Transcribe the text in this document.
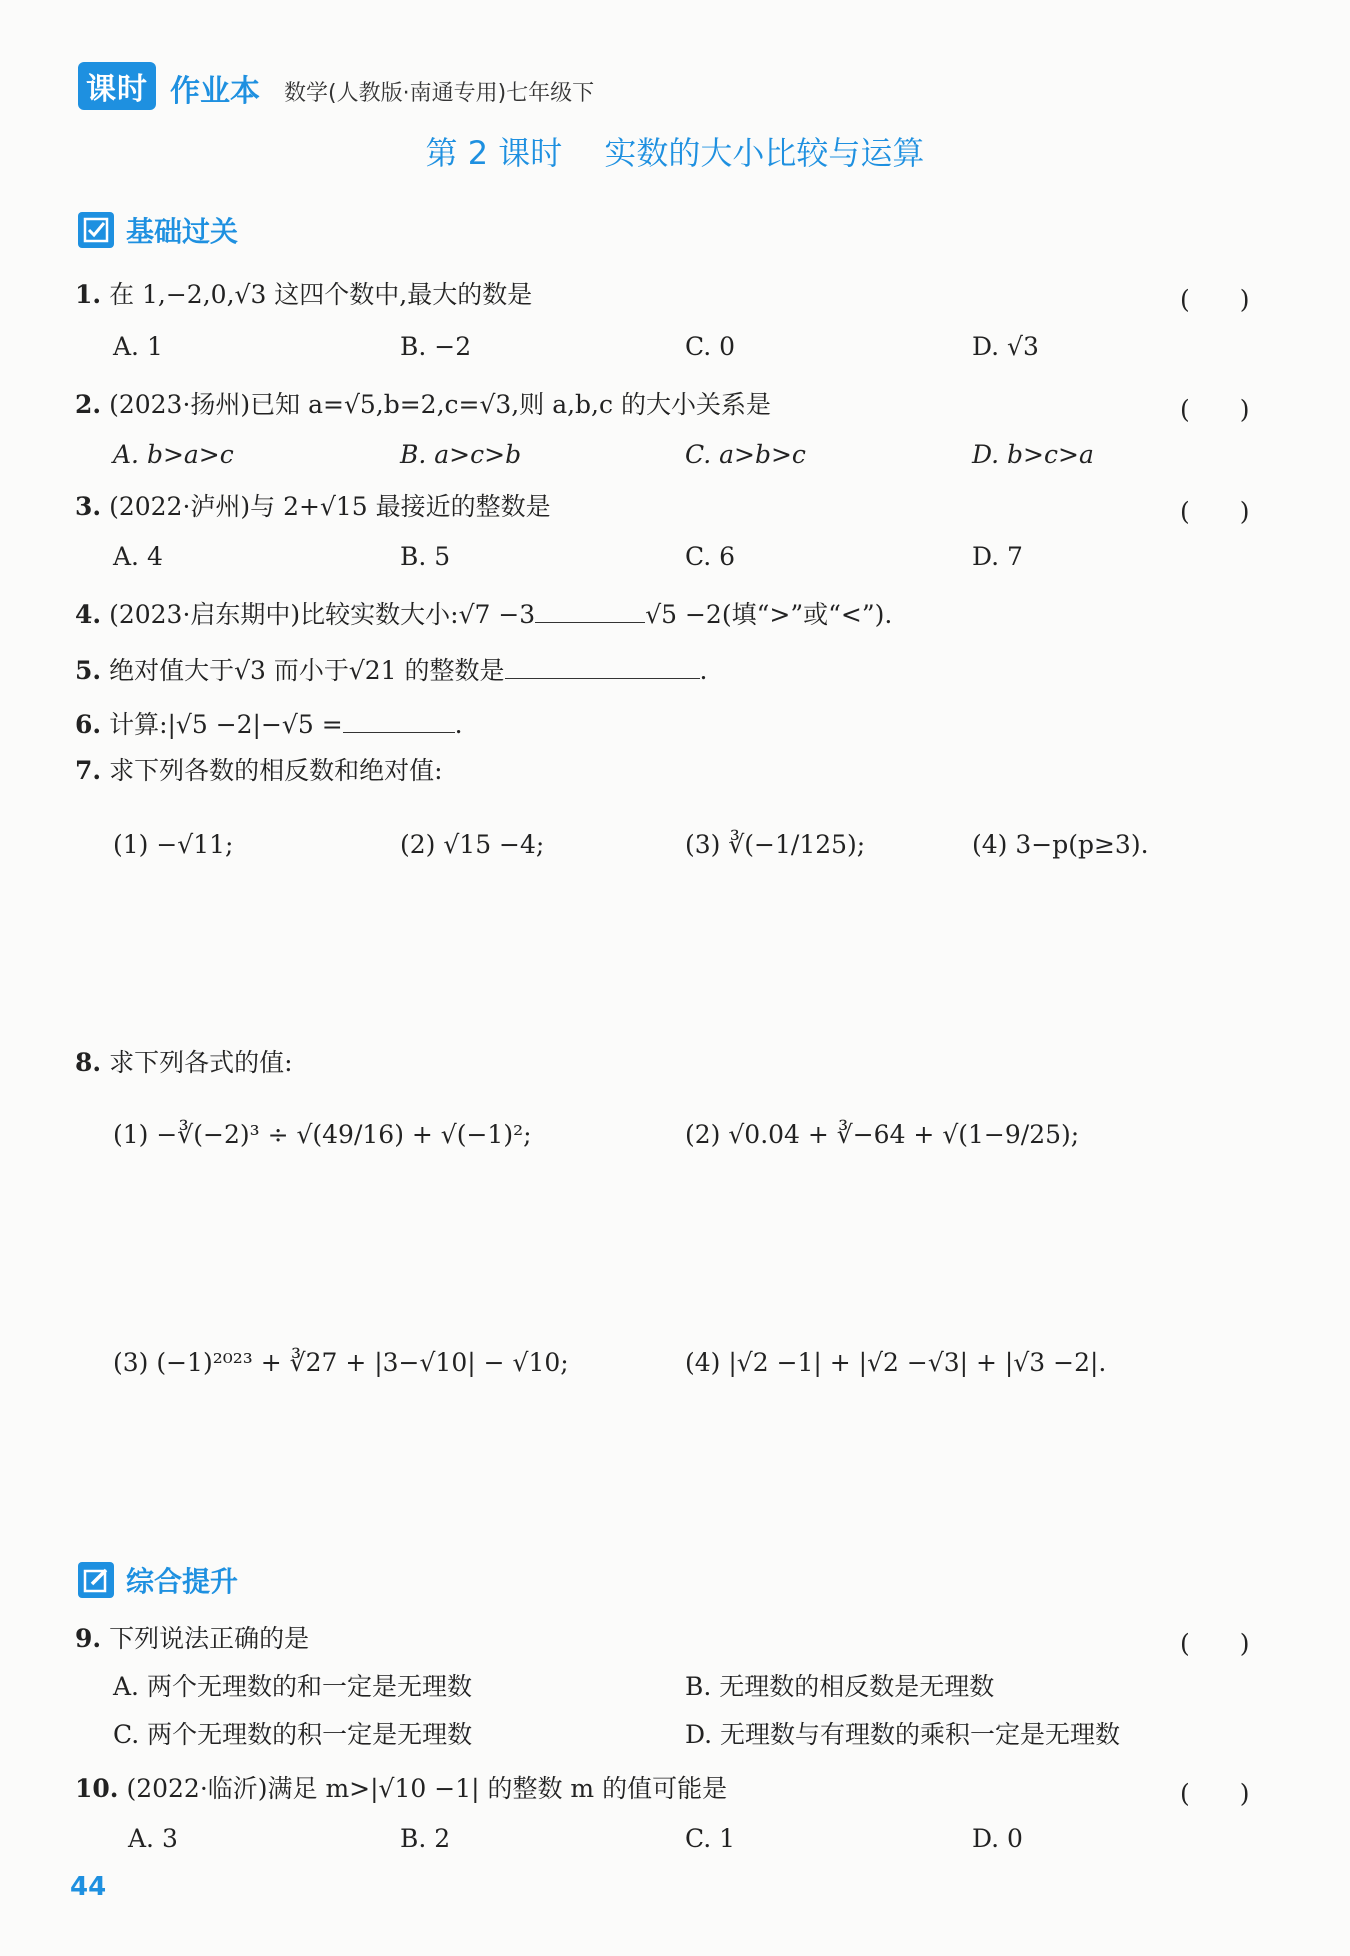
课时 作业本 数学(人教版·南通专用)七年级下
第 2 课时　 实数的大小比较与运算
基础过关
1. 在 1,−2,0,√3 这四个数中,最大的数是	(　　)
A. 1	B. −2	C. 0	D. √3
2. (2023·扬州)已知 a=√5,b=2,c=√3,则 a,b,c 的大小关系是	(　　)
A. b>a>c	B. a>c>b	C. a>b>c	D. b>c>a
3. (2022·泸州)与 2+√15 最接近的整数是	(　　)
A. 4	B. 5	C. 6	D. 7
4. (2023·启东期中)比较实数大小:√7 −3	√5 −2(填“>”或“<”).
5. 绝对值大于√3 而小于√21 的整数是	.
6. 计算:|√5 −2|−√5 =	.
7. 求下列各数的相反数和绝对值:
(1) −√11;	(2) √15 −4;	(3) ∛(−1/125);	(4) 3−p(p≥3).
8. 求下列各式的值:
(1) −∛(−2)³ ÷ √(49/16) + √(−1)²;	(2) √0.04 + ∛−64 + √(1−9/25);
(3) (−1)²⁰²³ + ∛27 + |3−√10| − √10;	(4) |√2 −1| + |√2 −√3| + |√3 −2|.
综合提升
9. 下列说法正确的是	(　　)
A. 两个无理数的和一定是无理数	B. 无理数的相反数是无理数
C. 两个无理数的积一定是无理数	D. 无理数与有理数的乘积一定是无理数
10. (2022·临沂)满足 m>|√10 −1| 的整数 m 的值可能是	(　　)
A. 3	B. 2	C. 1	D. 0
44
